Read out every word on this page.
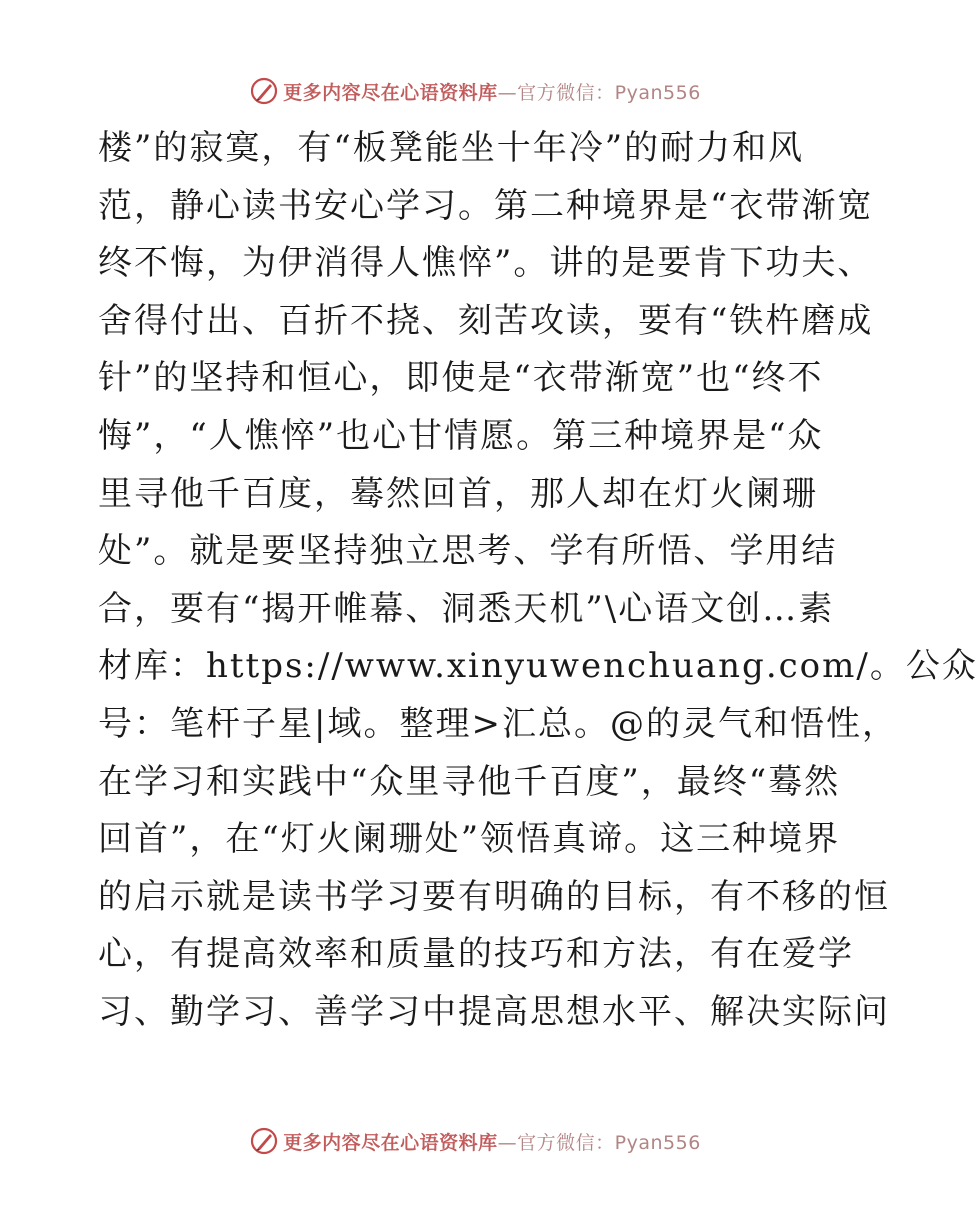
更多内容尽在心语资料库—官方微信：Pyan556
楼”的寂寞，有“板凳能坐十年冷”的耐力和风
范，静心读书安心学习。第二种境界是“衣带渐宽
终不悔，为伊消得人憔悴”。讲的是要肯下功夫、
舍得付出、百折不挠、刻苦攻读，要有“铁杵磨成
针”的坚持和恒心，即使是“衣带渐宽”也“终不
悔”，“人憔悴”也心甘情愿。第三种境界是“众
里寻他千百度，蓦然回首，那人却在灯火阑珊
处”。就是要坚持独立思考、学有所悟、学用结
合，要有“揭开帷幕、洞悉天机”\心语文创…素
材库：https://www.xinyuwenchuang.com/。公众
号：笔杆子星|域。整理>汇总。@的灵气和悟性，
在学习和实践中“众里寻他千百度”，最终“蓦然
回首”，在“灯火阑珊处”领悟真谛。这三种境界
的启示就是读书学习要有明确的目标，有不移的恒
心，有提高效率和质量的技巧和方法，有在爱学
习、勤学习、善学习中提高思想水平、解决实际问
更多内容尽在心语资料库—官方微信：Pyan556
